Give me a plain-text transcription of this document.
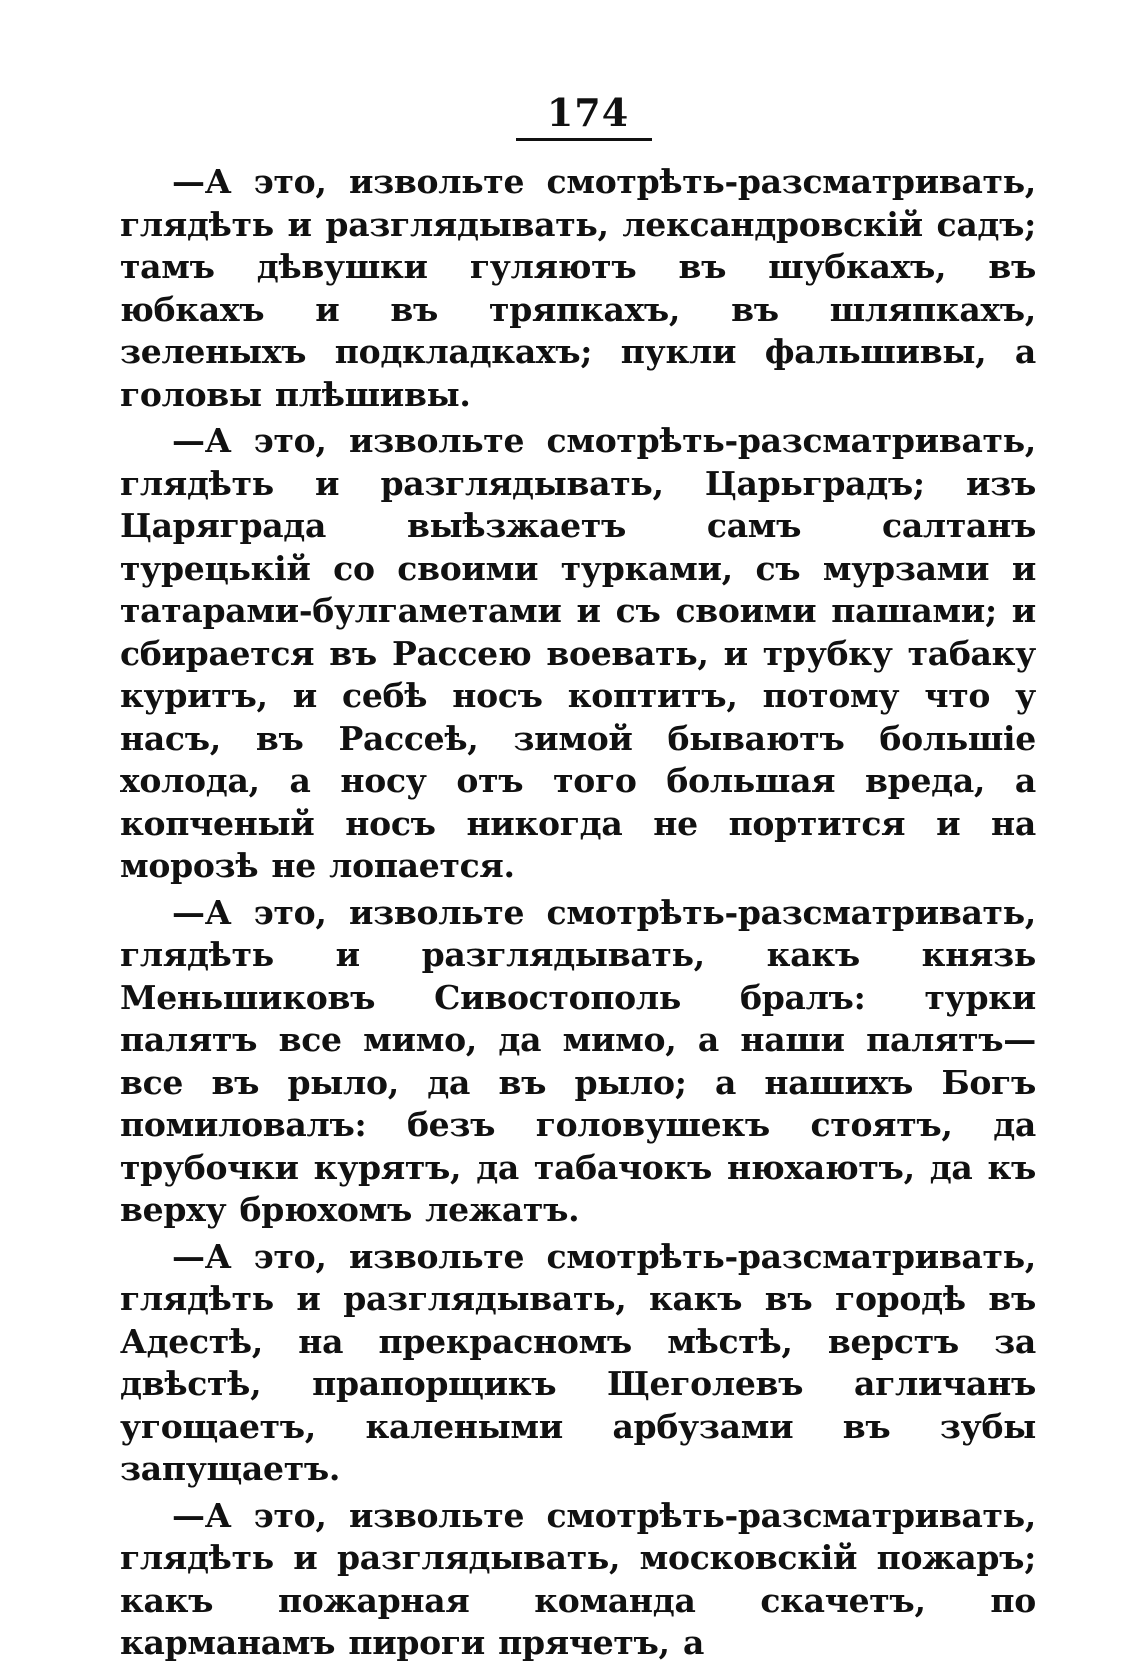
174

—А это, извольте смотрѣть-разсматривать, глядѣть и разглядывать, лександровскій садъ; тамъ дѣвушки гуляютъ въ шубкахъ, въ юбкахъ и въ тряпкахъ, въ шляпкахъ, зеленыхъ подкладкахъ; пукли фальшивы, а головы плѣшивы.

—А это, извольте смотрѣть-разсматривать, глядѣть и разглядывать, Царьградъ; изъ Царяграда выѣзжаетъ самъ салтанъ турецькій со своими турками, съ мурзами и татарами-булгаметами и съ своими пашами; и сбирается въ Рассею воевать, и трубку табаку куритъ, и себѣ носъ коптитъ, потому что у насъ, въ Рассеѣ, зимой бываютъ большіе холода, а носу отъ того большая вреда, а копченый носъ никогда не портится и на морозѣ не лопается.

—А это, извольте смотрѣть-разсматривать, глядѣть и разглядывать, какъ князь Меньшиковъ Сивостополь бралъ: турки палятъ все мимо, да мимо, а наши палятъ—все въ рыло, да въ рыло; а нашихъ Богъ помиловалъ: безъ головушекъ стоятъ, да трубочки курятъ, да табачокъ нюхаютъ, да къ верху брюхомъ лежатъ.

—А это, извольте смотрѣть-разсматривать, глядѣть и разглядывать, какъ въ городѣ въ Адестѣ, на прекрасномъ мѣстѣ, верстъ за двѣстѣ, прапорщикъ Щеголевъ агличанъ угощаетъ, калеными арбузами въ зубы запущаетъ.

—А это, извольте смотрѣть-разсматривать, глядѣть и разглядывать, московскій пожаръ; какъ пожарная команда скачетъ, по карманамъ пироги прячетъ, а
